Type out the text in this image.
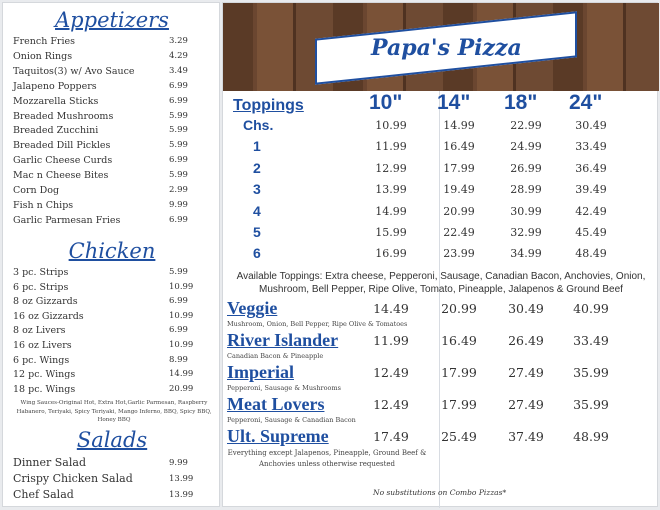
Appetizers
Chicken
Wing Sauces-Original Hot, Extra Hot,Garlic Parmesan, Raspberry Habanero, Teriyaki, Spicy Teriyaki, Mango Inferno, BBQ, Spicy BBQ, Honey BBQ
Salads
French Fries	3.29
Onion Rings	4.29
Taquitos(3) w/ Avo Sauce	3.49
Jalapeno Poppers	6.99
Mozzarella Sticks	6.99
Breaded Mushrooms	5.99
Breaded Zucchini	5.99
Breaded Dill Pickles	5.99
Garlic Cheese Curds	6.99
Mac n Cheese Bites	5.99
Corn Dog	2.99
Fish n Chips	9.99
Garlic Parmesan Fries	6.99
3 pc. Strips	5.99
6 pc. Strips	10.99
8 oz Gizzards	6.99
16 oz Gizzards	10.99
8 oz Livers	6.99
16 oz Livers	10.99
6 pc. Wings	8.99
12 pc. Wings	14.99
18 pc. Wings	20.99
Dinner Salad	9.99
Crispy Chicken Salad	13.99
Chef Salad	13.99
Papa's Pizza
Toppings
Available Toppings: Extra cheese, Pepperoni, Sausage, Canadian Bacon, Anchovies, Onion, Mushroom, Bell Pepper, Ripe Olive, Tomato, Pineapple, Jalapenos & Ground Beef
No substitutions on Combo Pizzas*
10" 14" 18" 24"
Chs.	10.99	14.99	22.99	30.49
1	11.99	16.49	24.99	33.49
2	12.99	17.99	26.99	36.49
3	13.99	19.49	28.99	39.49
4	14.99	20.99	30.99	42.49
5	15.99	22.49	32.99	45.49
6	16.99	23.99	34.99	48.49
Veggie
Mushroom, Onion, Bell Pepper, Ripe Olive & Tomatoes
14.49	20.99	30.49	40.99
River Islander
Canadian Bacon & Pineapple
11.99	16.49	26.49	33.49
Imperial
Pepperoni, Sausage & Mushrooms
12.49	17.99	27.49	35.99
Meat Lovers
Pepperoni, Sausage & Canadian Bacon
12.49	17.99	27.49	35.99
Ult. Supreme
Everything except Jalapenos, Pineapple, Ground Beef & Anchovies unless otherwise requested
17.49	25.49	37.49	48.99
